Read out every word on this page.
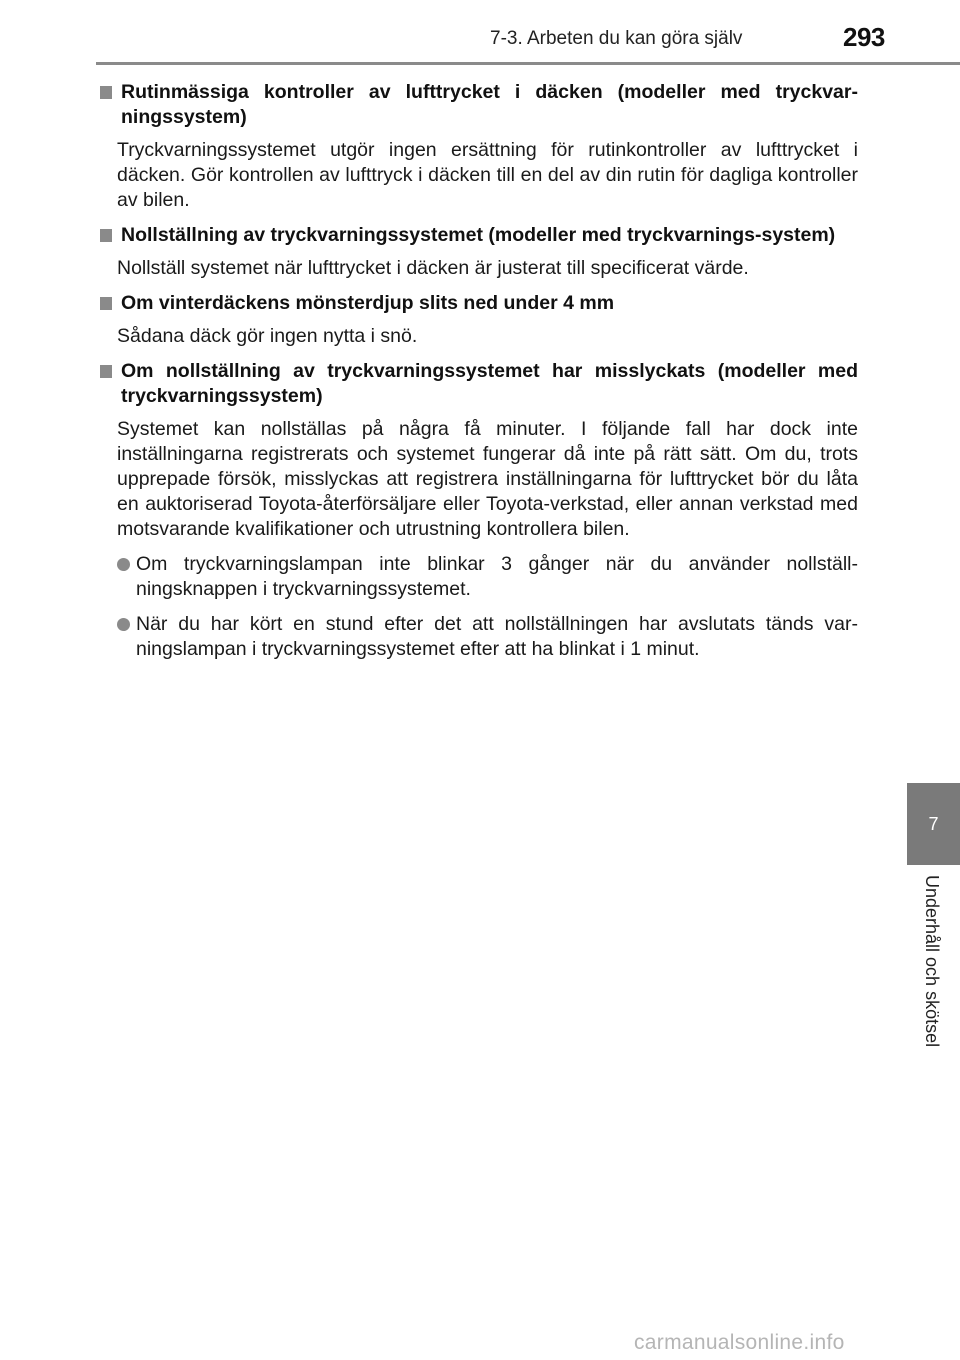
7-3. Arbeten du kan göra själv	293
Rutinmässiga kontroller av lufttrycket i däcken (modeller med tryckvar-ningssystem)

Tryckvarningssystemet utgör ingen ersättning för rutinkontroller av lufttrycket i däcken. Gör kontrollen av lufttryck i däcken till en del av din rutin för dagliga kontroller av bilen.

Nollställning av tryckvarningssystemet (modeller med tryckvarnings-system)

Nollställ systemet när lufttrycket i däcken är justerat till specificerat värde.

Om vinterdäckens mönsterdjup slits ned under 4 mm

Sådana däck gör ingen nytta i snö.

Om nollställning av tryckvarningssystemet har misslyckats (modeller med tryckvarningssystem)

Systemet kan nollställas på några få minuter. I följande fall har dock inte inställningarna registrerats och systemet fungerar då inte på rätt sätt. Om du, trots upprepade försök, misslyckas att registrera inställningarna för lufttrycket bör du låta en auktoriserad Toyota-återförsäljare eller Toyota-verkstad, eller annan verkstad med motsvarande kvalifikationer och utrustning kontrollera bilen.

Om tryckvarningslampan inte blinkar 3 gånger när du använder nollställ-ningsknappen i tryckvarningssystemet.
När du har kört en stund efter det att nollställningen har avslutats tänds var-ningslampan i tryckvarningssystemet efter att ha blinkat i 1 minut.
7
Underhåll och skötsel
carmanualsonline.info
